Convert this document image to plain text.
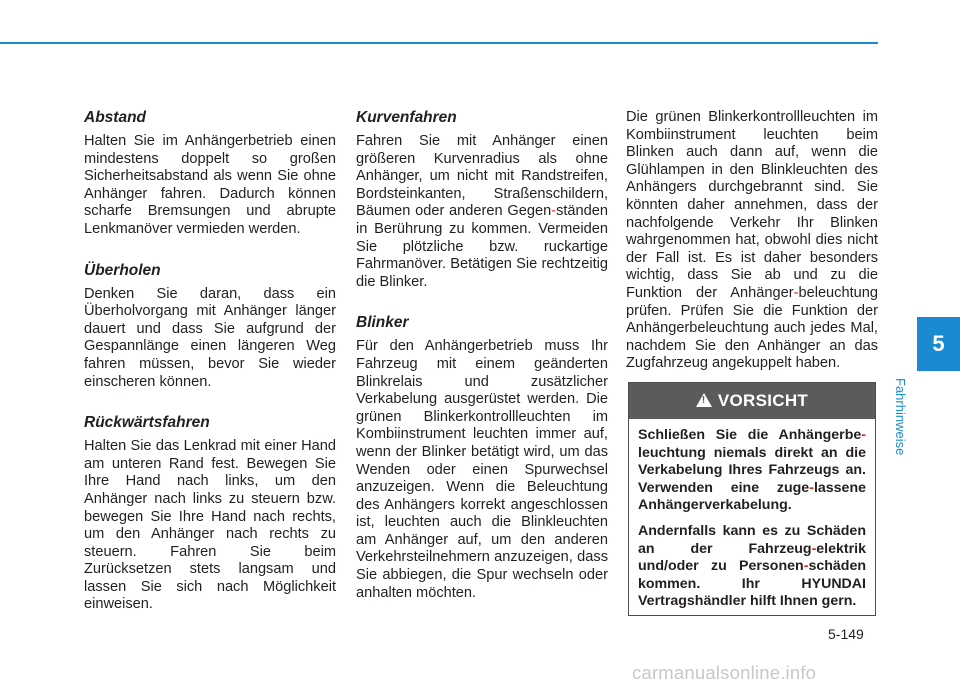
Abstand

Halten Sie im Anhängerbetrieb einen mindestens doppelt so großen Sicherheitsabstand als wenn Sie ohne Anhänger fahren. Dadurch können scharfe Bremsungen und abrupte Lenkmanöver vermieden werden.

Überholen

Denken Sie daran, dass ein Überholvorgang mit Anhänger länger dauert und dass Sie aufgrund der Gespannlänge einen längeren Weg fahren müssen, bevor Sie wieder einscheren können.

Rückwärtsfahren

Halten Sie das Lenkrad mit einer Hand am unteren Rand fest. Bewegen Sie Ihre Hand nach links, um den Anhänger nach links zu steuern bzw. bewegen Sie Ihre Hand nach rechts, um den Anhänger nach rechts zu steuern. Fahren Sie beim Zurücksetzen stets langsam und lassen Sie sich nach Möglichkeit einweisen.

Kurvenfahren

Fahren Sie mit Anhänger einen größeren Kurvenradius als ohne Anhänger, um nicht mit Randstreifen, Bordsteinkanten, Straßenschildern, Bäumen oder anderen Gegen-ständen in Berührung zu kommen. Vermeiden Sie plötzliche bzw. ruckartige Fahrmanöver. Betätigen Sie rechtzeitig die Blinker.

Blinker

Für den Anhängerbetrieb muss Ihr Fahrzeug mit einem geänderten Blinkrelais und zusätzlicher Verkabelung ausgerüstet werden. Die grünen Blinkerkontrollleuchten im Kombiinstrument leuchten immer auf, wenn der Blinker betätigt wird, um das Wenden oder einen Spurwechsel anzuzeigen. Wenn die Beleuchtung des Anhängers korrekt angeschlossen ist, leuchten auch die Blinkleuchten am Anhänger auf, um den anderen Verkehrsteilnehmern anzuzeigen, dass Sie abbiegen, die Spur wechseln oder anhalten möchten.

Die grünen Blinkerkontrollleuchten im Kombiinstrument leuchten beim Blinken auch dann auf, wenn die Glühlampen in den Blinkleuchten des Anhängers durchgebrannt sind. Sie könnten daher annehmen, dass der nachfolgende Verkehr Ihr Blinken wahrgenommen hat, obwohl dies nicht der Fall ist. Es ist daher besonders wichtig, dass Sie ab und zu die Funktion der Anhänger-beleuchtung prüfen. Prüfen Sie die Funktion der Anhängerbeleuchtung auch jedes Mal, nachdem Sie den Anhänger an das Zugfahrzeug angekuppelt haben.

! VORSICHT

Schließen Sie die Anhängerbe-leuchtung niemals direkt an die Verkabelung Ihres Fahrzeugs an. Verwenden eine zuge-lassene Anhängerverkabelung.

Andernfalls kann es zu Schäden an der Fahrzeug-elektrik und/oder zu Personen-schäden kommen. Ihr HYUNDAI Vertragshändler hilft Ihnen gern.

5
Fahrhinweise
5-149
carmanualsonline.info
